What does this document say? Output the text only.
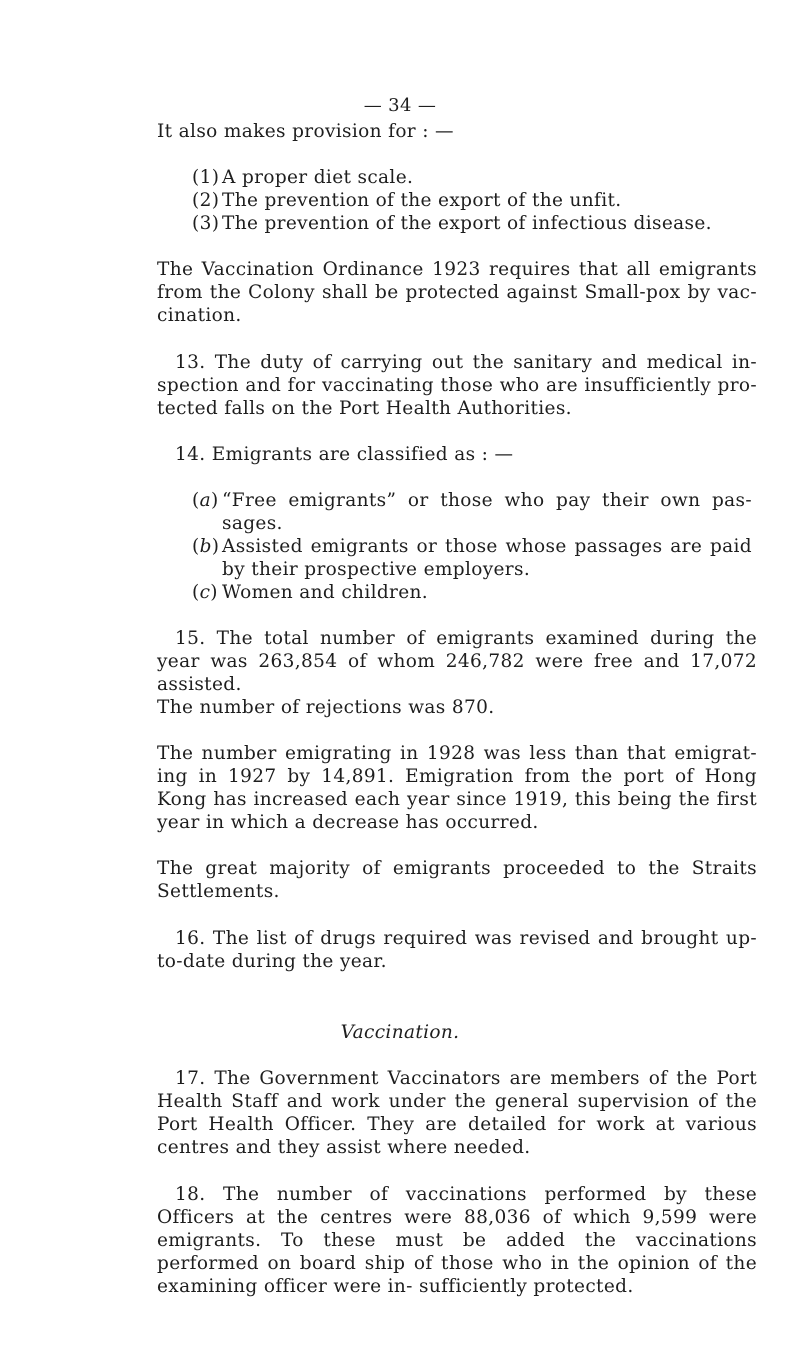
— 34 —
It also makes provision for : —
(1) A proper diet scale.
(2) The prevention of the export of the unfit.
(3) The prevention of the export of infectious disease.
The Vaccination Ordinance 1923 requires that all emigrants from the Colony shall be protected against Small-pox by vac- cination.
13. The duty of carrying out the sanitary and medical in- spection and for vaccinating those who are insufficiently pro- tected falls on the Port Health Authorities.
14. Emigrants are classified as : —
(a) “Free emigrants” or those who pay their own pas- sages.
(b) Assisted emigrants or those whose passages are paid by their prospective employers.
(c) Women and children.
15. The total number of emigrants examined during the year was 263,854 of whom 246,782 were free and 17,072 assisted.
The number of rejections was 870.
The number emigrating in 1928 was less than that emigrat- ing in 1927 by 14,891. Emigration from the port of Hong Kong has increased each year since 1919, this being the first year in which a decrease has occurred.
The great majority of emigrants proceeded to the Straits Settlements.
16. The list of drugs required was revised and brought up- to-date during the year.
Vaccination.
17. The Government Vaccinators are members of the Port Health Staff and work under the general supervision of the Port Health Officer. They are detailed for work at various centres and they assist where needed.
18. The number of vaccinations performed by these Officers at the centres were 88,036 of which 9,599 were emigrants. To these must be added the vaccinations performed on board ship of those who in the opinion of the examining officer were in- sufficiently protected.
